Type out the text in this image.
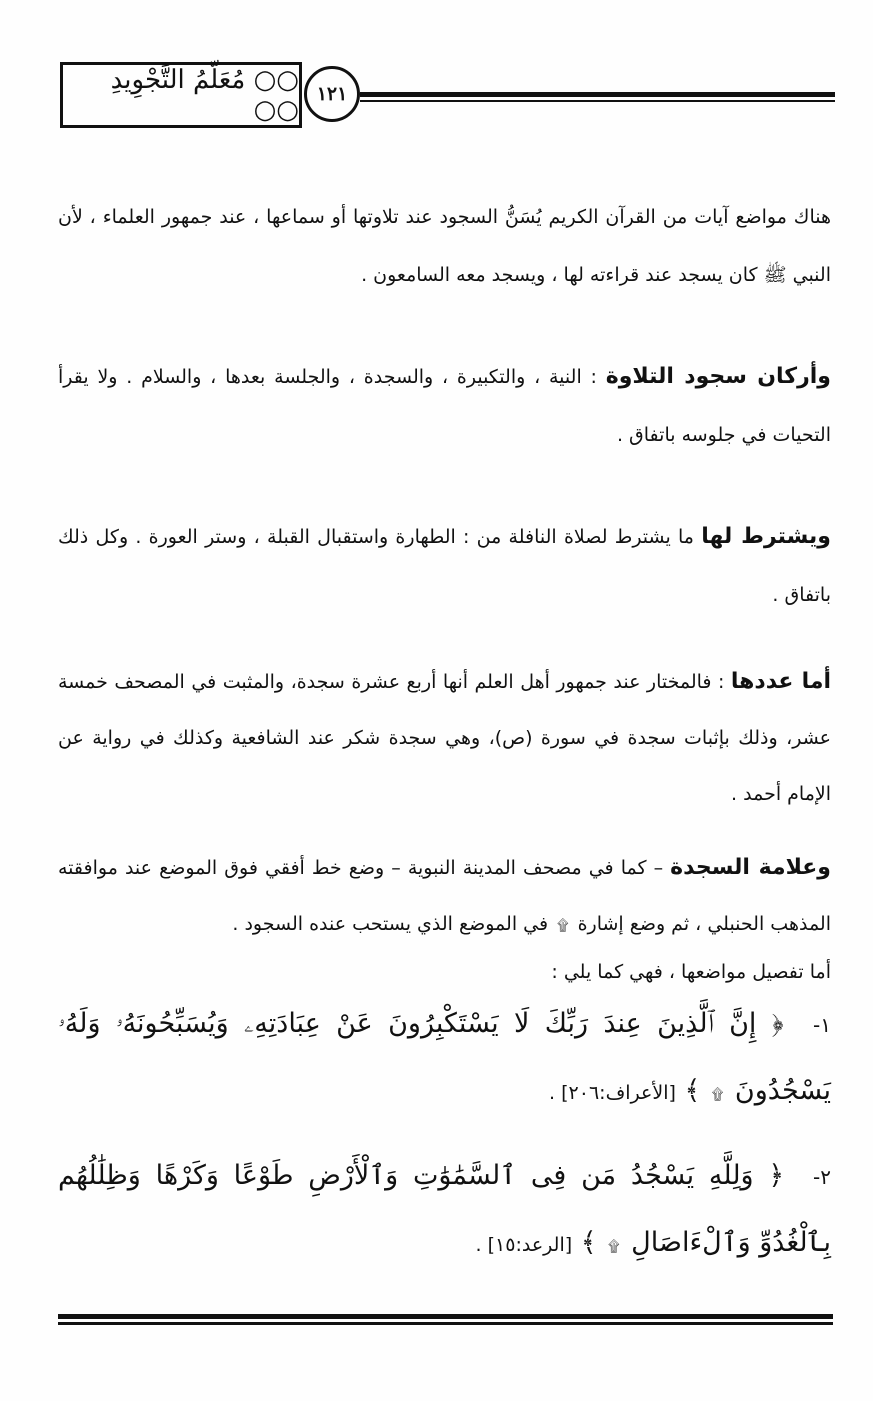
○○ مُعَلّمُ التَّجْوِيدِ ○○
١٢١

هناك مواضع آيات من القرآن الكريم يُسَنُّ السجود عند تلاوتها أو سماعها ، عند جمهور العلماء ، لأن النبي ﷺ كان يسجد عند قراءته لها ، ويسجد معه السامعون .

وأركان سجود التلاوة : النية ، والتكبيرة ، والسجدة ، والجلسة بعدها ، والسلام . ولا يقرأ التحيات في جلوسه باتفاق .

ويشترط لها ما يشترط لصلاة النافلة من : الطهارة واستقبال القبلة ، وستر العورة . وكل ذلك باتفاق .

أما عددها : فالمختار عند جمهور أهل العلم أنها أربع عشرة سجدة، والمثبت في المصحف خمسة عشر، وذلك بإثبات سجدة في سورة (ص)، وهي سجدة شكر عند الشافعية وكذلك في رواية عن الإمام أحمد .

وعلامة السجدة – كما في مصحف المدينة النبوية – وضع خط أفقي فوق الموضع عند موافقته المذهب الحنبلي ، ثم وضع إشارة ۩ في الموضع الذي يستحب عنده السجود .

أما تفصيل مواضعها ، فهي كما يلي :

١- ﴿ إِنَّ ٱلَّذِينَ عِندَ رَبِّكَ لَا يَسْتَكْبِرُونَ عَنْ عِبَادَتِهِۦ وَيُسَبِّحُونَهُۥ وَلَهُۥ يَسْجُدُونَ ۩ ﴾ [الأعراف:٢٠٦] .

٢- ﴿ وَلِلَّهِ يَسْجُدُ مَن فِى ٱلسَّمَٰوَٰتِ وَٱلْأَرْضِ طَوْعًا وَكَرْهًا وَظِلَٰلُهُم بِٱلْغُدُوِّ وَٱلْءَاصَالِ ۩ ﴾ [الرعد:١٥] .
